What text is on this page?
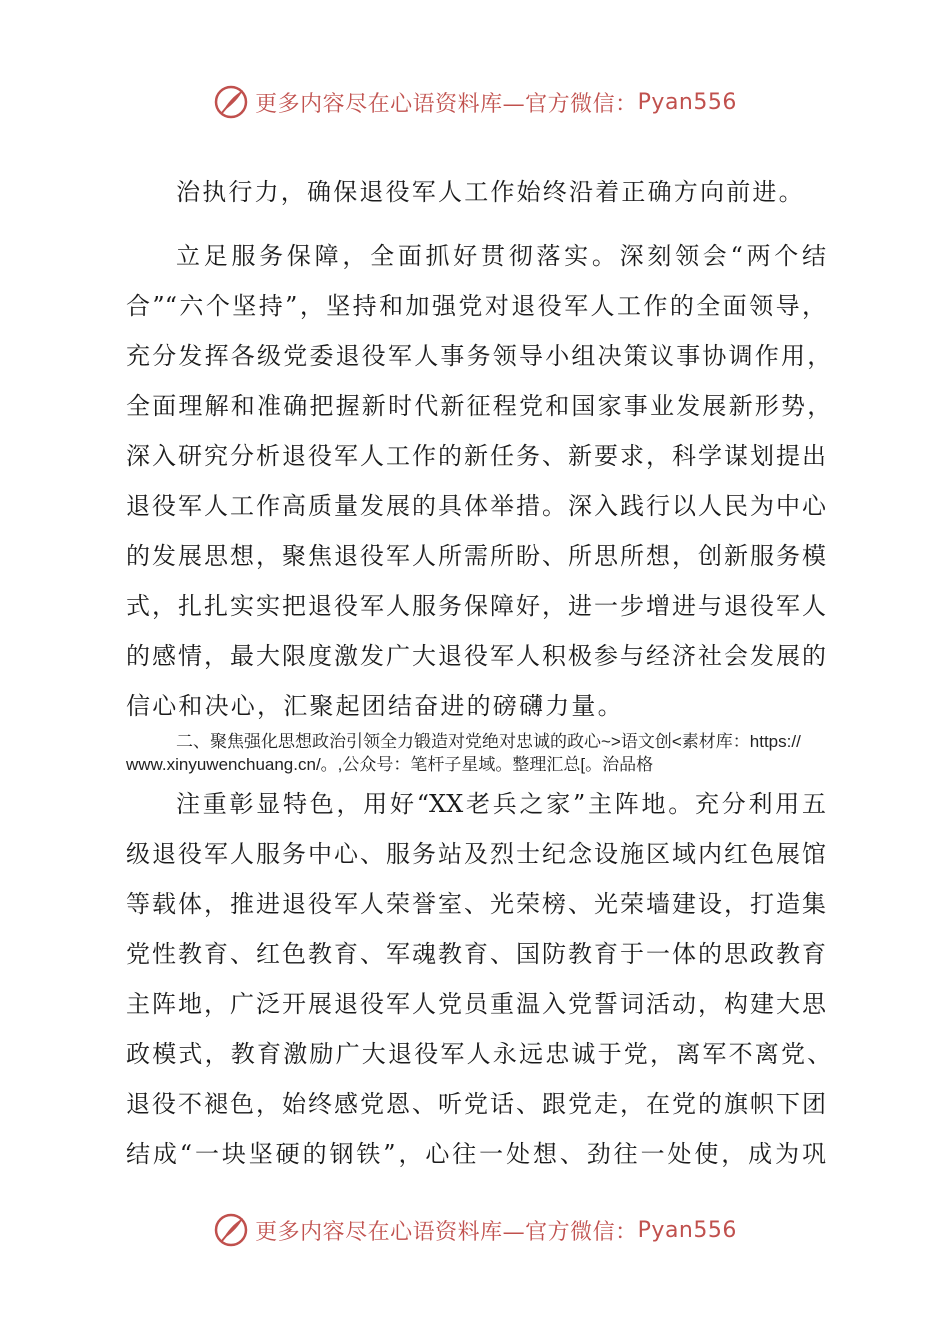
更多内容尽在心语资料库—官方微信： Pyan556
治执行力，确保退役军人工作始终沿着正确方向前进。
立足服务保障，全面抓好贯彻落实。深刻领会“两个结
合”“六个坚持”，坚持和加强党对退役军人工作的全面领导，
充分发挥各级党委退役军人事务领导小组决策议事协调作用，
全面理解和准确把握新时代新征程党和国家事业发展新形势，
深入研究分析退役军人工作的新任务、新要求，科学谋划提出
退役军人工作高质量发展的具体举措。深入践行以人民为中心
的发展思想，聚焦退役军人所需所盼、所思所想，创新服务模
式，扎扎实实把退役军人服务保障好，进一步增进与退役军人
的感情，最大限度激发广大退役军人积极参与经济社会发展的
信心和决心，汇聚起团结奋进的磅礴力量。
二、聚焦强化思想政治引领全力锻造对党绝对忠诚的政心~>语文创<素材库：https://
www.xinyuwenchuang.cn/。,公众号：笔杆子星域。整理汇总[。治品格
注重彰显特色，用好“XX老兵之家”主阵地。充分利用五
级退役军人服务中心、服务站及烈士纪念设施区域内红色展馆
等载体，推进退役军人荣誉室、光荣榜、光荣墙建设，打造集
党性教育、红色教育、军魂教育、国防教育于一体的思政教育
主阵地，广泛开展退役军人党员重温入党誓词活动，构建大思
政模式，教育激励广大退役军人永远忠诚于党，离军不离党、
退役不褪色，始终感党恩、听党话、跟党走，在党的旗帜下团
结成“一块坚硬的钢铁”，心往一处想、劲往一处使，成为巩
更多内容尽在心语资料库—官方微信： Pyan556
